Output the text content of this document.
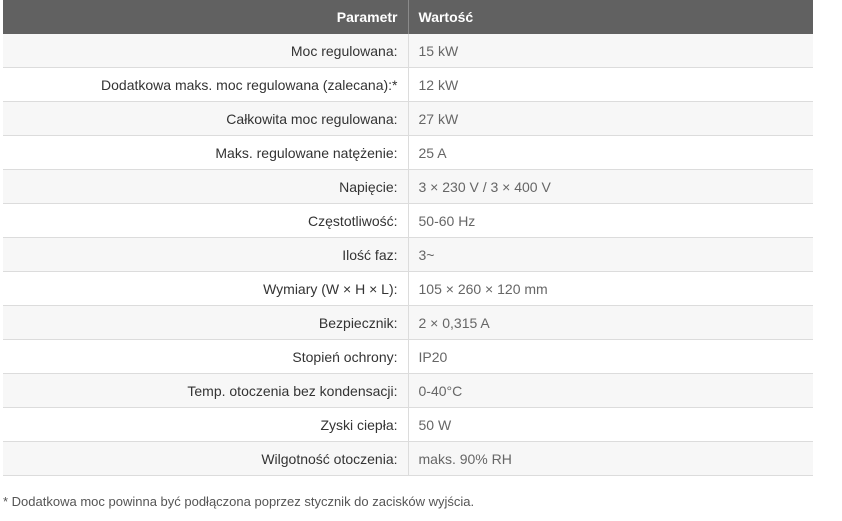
Parametr	Wartość
Moc regulowana:	15 kW
Dodatkowa maks. moc regulowana (zalecana):*	12 kW
Całkowita moc regulowana:	27 kW
Maks. regulowane natężenie:	25 A
Napięcie:	3 × 230 V / 3 × 400 V
Częstotliwość:	50-60 Hz
Ilość faz:	3~
Wymiary (W × H × L):	105 × 260 × 120 mm
Bezpiecznik:	2 × 0,315 A
Stopień ochrony:	IP20
Temp. otoczenia bez kondensacji:	0-40°C
Zyski ciepła:	50 W
Wilgotność otoczenia:	maks. 90% RH
* Dodatkowa moc powinna być podłączona poprzez stycznik do zacisków wyjścia.
